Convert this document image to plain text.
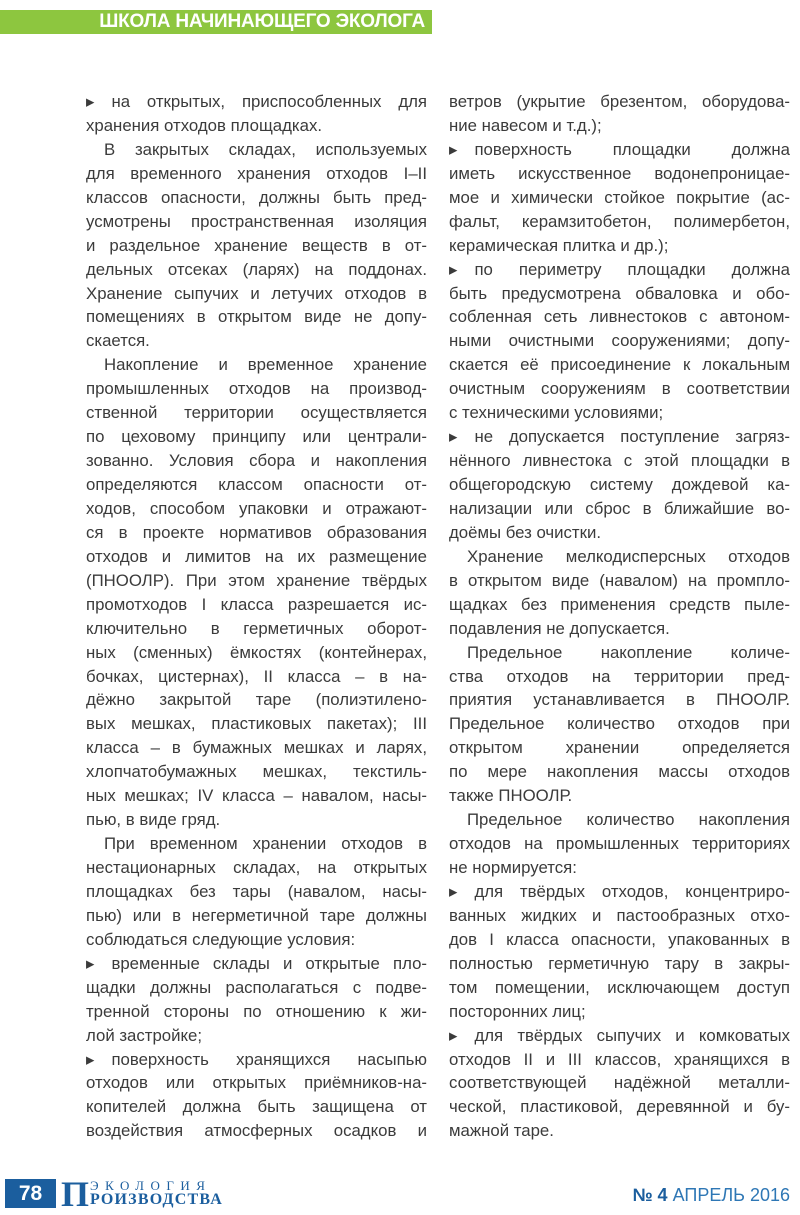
ШКОЛА НАЧИНАЮЩЕГО ЭКОЛОГА
▸ на открытых, приспособленных для
хранения отходов площадках.
В закрытых складах, используемых
для временного хранения отходов I–II
классов опасности, должны быть пред-
усмотрены пространственная изоляция
и раздельное хранение веществ в от-
дельных отсеках (ларях) на поддонах.
Хранение сыпучих и летучих отходов в
помещениях в открытом виде не допу-
скается.
Накопление и временное хранение
промышленных отходов на производ-
ственной территории осуществляется
по цеховому принципу или централи-
зованно. Условия сбора и накопления
определяются классом опасности от-
ходов, способом упаковки и отражают-
ся в проекте нормативов образования
отходов и лимитов на их размещение
(ПНООЛР). При этом хранение твёрдых
промотходов I класса разрешается ис-
ключительно в герметичных оборот-
ных (сменных) ёмкостях (контейнерах,
бочках, цистернах), II класса – в на-
дёжно закрытой таре (полиэтилено-
вых мешках, пластиковых пакетах); III
класса – в бумажных мешках и ларях,
хлопчатобумажных мешках, текстиль-
ных мешках; IV класса – навалом, насы-
пью, в виде гряд.
При временном хранении отходов в
нестационарных складах, на открытых
площадках без тары (навалом, насы-
пью) или в негерметичной таре должны
соблюдаться следующие условия:
▸ временные склады и открытые пло-
щадки должны располагаться с подве-
тренной стороны по отношению к жи-
лой застройке;
▸ поверхность хранящихся насыпью
отходов или открытых приёмников-на-
копителей должна быть защищена от
воздействия атмосферных осадков и
ветров (укрытие брезентом, оборудова-
ние навесом и т.д.);
▸ поверхность площадки должна
иметь искусственное водонепроницае-
мое и химически стойкое покрытие (ас-
фальт, керамзитобетон, полимербетон,
керамическая плитка и др.);
▸ по периметру площадки должна
быть предусмотрена обваловка и обо-
собленная сеть ливнестоков с автоном-
ными очистными сооружениями; допу-
скается её присоединение к локальным
очистным сооружениям в соответствии
с техническими условиями;
▸ не допускается поступление загряз-
нённого ливнестока с этой площадки в
общегородскую систему дождевой ка-
нализации или сброс в ближайшие во-
доёмы без очистки.
Хранение мелкодисперсных отходов
в открытом виде (навалом) на промпло-
щадках без применения средств пыле-
подавления не допускается.
Предельное накопление количе-
ства отходов на территории пред-
приятия устанавливается в ПНООЛР.
Предельное количество отходов при
открытом хранении определяется
по мере накопления массы отходов
также ПНООЛР.
Предельное количество накопления
отходов на промышленных территориях
не нормируется:
▸ для твёрдых отходов, концентриро-
ванных жидких и пастообразных отхо-
дов I класса опасности, упакованных в
полностью герметичную тару в закры-
том помещении, исключающем доступ
посторонних лиц;
▸ для твёрдых сыпучих и комковатых
отходов II и III классов, хранящихся в
соответствующей надёжной металли-
ческой, пластиковой, деревянной и бу-
мажной таре.
78 П ЭКОЛОГИЯ
РОИЗВОДСТВА	№ 4 АПРЕЛЬ 2016
